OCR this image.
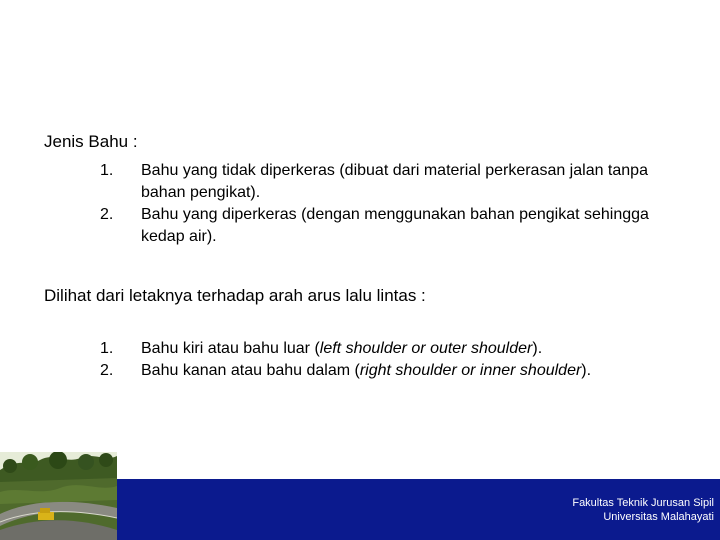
Jenis Bahu :
1. Bahu yang tidak diperkeras (dibuat dari material perkerasan jalan tanpa bahan pengikat).
2. Bahu yang diperkeras (dengan menggunakan bahan pengikat sehingga kedap air).
Dilihat dari letaknya terhadap arah arus lalu lintas :
1. Bahu kiri atau bahu luar (left shoulder or outer shoulder).
2. Bahu kanan atau bahu dalam (right shoulder or inner shoulder).
Fakultas Teknik Jurusan Sipil
Universitas Malahayati
